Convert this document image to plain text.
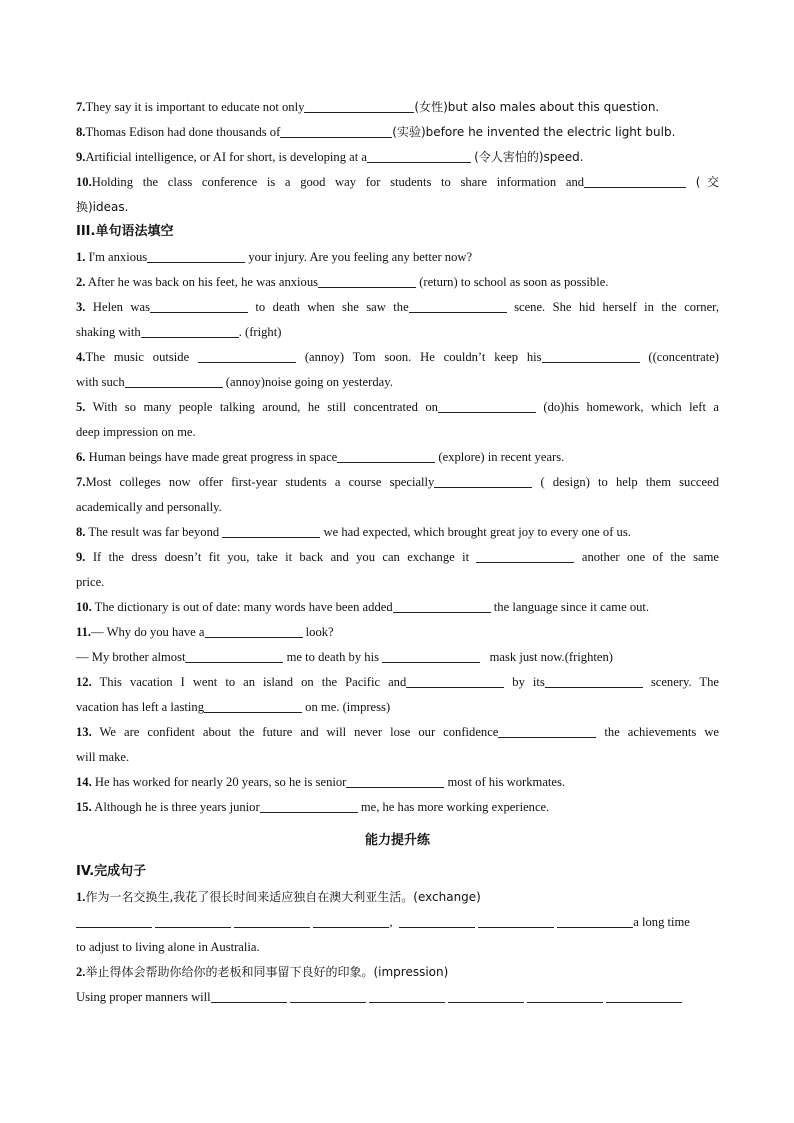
7.They say it is important to educate not only	(女性)but also males about this question.
8.Thomas Edison had done thousands of	(实验)before he invented the electric light bulb.
9.Artificial intelligence, or AI for short, is developing at a	(令人害怕的)speed.
10.Holding the class conference is a good way for students to share information and	(交
换)ideas.
III.单句语法填空
1. I'm anxious	your injury. Are you feeling any better now?
2. After he was back on his feet, he was anxious	(return) to school as soon as possible.
3. Helen was	to death when she saw the	scene. She hid herself in the corner,
shaking with	. (fright)
4.The music outside	(annoy) Tom soon. He couldn’t keep his	((concentrate)
with such	(annoy)noise going on yesterday.
5. With so many people talking around, he still concentrated on	(do)his homework, which left a
deep impression on me.
6. Human beings have made great progress in space	(explore) in recent years.
7.Most colleges now offer first-year students a course specially	( design) to help them succeed
academically and personally.
8. The result was far beyond	we had expected, which brought great joy to every one of us.
9. If the dress doesn’t fit you, take it back and you can exchange it	another one of the same
price.
10. The dictionary is out of date: many words have been added	the language since it came out.
11.— Why do you have a	look?
— My brother almost	me to death by his	mask just now.(frighten)
12. This vacation I went to an island on the Pacific and	by its	scenery. The
vacation has left a lasting	on me. (impress)
13. We are confident about the future and will never lose our confidence	the achievements we
will make.
14. He has worked for nearly 20 years, so he is senior	most of his workmates.
15. Although he is three years junior	me, he has more working experience.
能力提升练
IV.完成句子
1.作为一名交换生,我花了很长时间来适应独自在澳大利亚生活。(exchange)
,	a long time
to adjust to living alone in Australia.
2.举止得体会帮助你给你的老板和同事留下良好的印象。(impression)
Using proper manners will
